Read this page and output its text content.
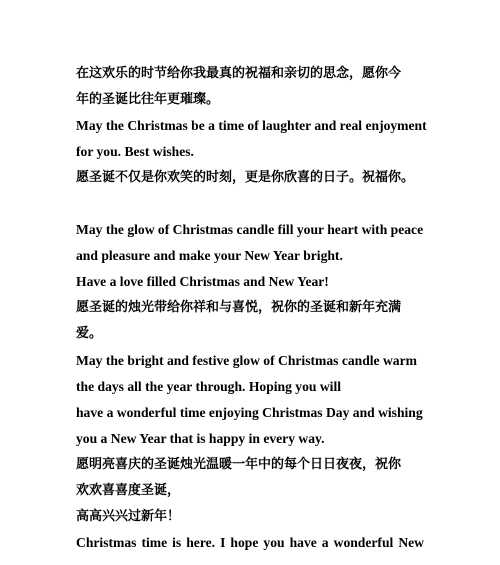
在这欢乐的时节给你我最真的祝福和亲切的思念，愿你今

年的圣诞比往年更璀璨。

May the Christmas be a time of laughter and real enjoyment

for you. Best wishes.

愿圣诞不仅是你欢笑的时刻，更是你欣喜的日子。祝福你。

May the glow of Christmas candle fill your heart with peace

and pleasure and make your New Year bright.

Have a love filled Christmas and New Year!

愿圣诞的烛光带给你祥和与喜悦，祝你的圣诞和新年充满

爱。

May the bright and festive glow of Christmas candle warm

the days all the year through. Hoping you will

have a wonderful time enjoying Christmas Day and wishing

you a New Year that is happy in every way.

愿明亮喜庆的圣诞烛光温暖一年中的每个日日夜夜，祝你

欢欢喜喜度圣诞，

高高兴兴过新年！

Christmas time is here. I hope you have a wonderful New
